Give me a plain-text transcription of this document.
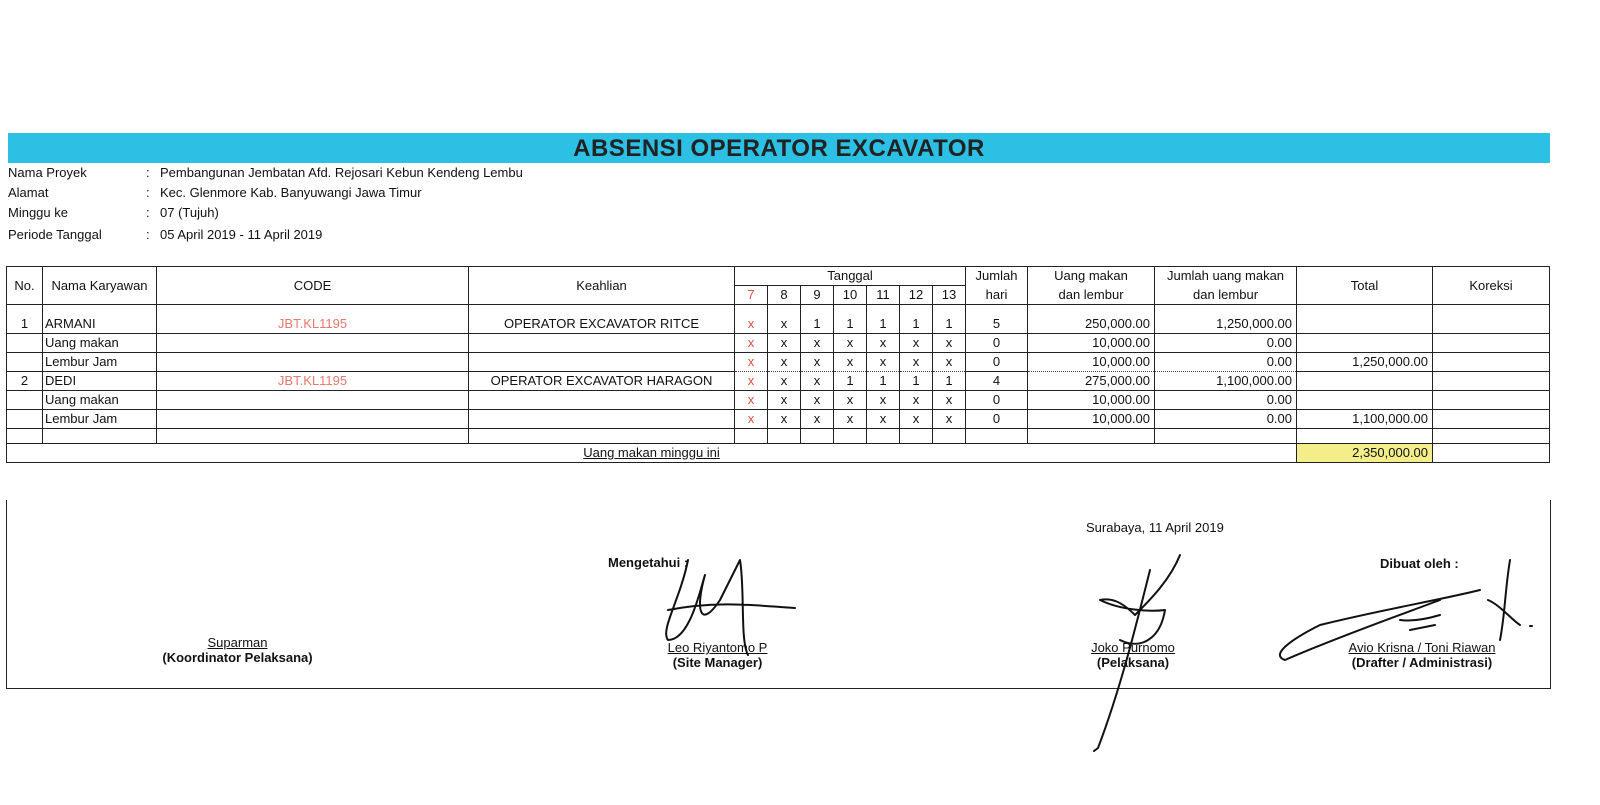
ABSENSI OPERATOR EXCAVATOR
Nama Proyek	: Pembangunan Jembatan Afd. Rejosari Kebun Kendeng Lembu
Alamat	: Kec. Glenmore Kab. Banyuwangi Jawa Timur
Minggu ke	: 07 (Tujuh)
Periode Tanggal	: 05 April 2019 - 11 April 2019
No.	Nama Karyawan	CODE	Keahlian	Tanggal							Jumlah	Uang makan	Jumlah uang makan	Total	Koreksi
				7	8	9	10	11	12	13	hari	dan lembur	dan lembur		

1	ARMANI	JBT.KL1195	OPERATOR EXCAVATOR RITCE	x	x	1	1	1	1	1	5	250,000.00	1,250,000.00		
	Uang makan			x	x	x	x	x	x	x	0	10,000.00	0.00		
	Lembur Jam			x	x	x	x	x	x	x	0	10,000.00	0.00	1,250,000.00	
2	DEDI	JBT.KL1195	OPERATOR EXCAVATOR HARAGON	x	x	x	1	1	1	1	4	275,000.00	1,100,000.00		
	Uang makan			x	x	x	x	x	x	x	0	10,000.00	0.00		
	Lembur Jam			x	x	x	x	x	x	x	0	10,000.00	0.00	1,100,000.00	

Uang makan minggu ini														2,350,000.00	
Surabaya, 11 April 2019
Mengetahui :	Dibuat oleh :
Suparman
(Koordinator Pelaksana)
Leo Riyantomo P
(Site Manager)
Joko Purnomo
(Pelaksana)
Avio Krisna / Toni Riawan
(Drafter / Administrasi)
